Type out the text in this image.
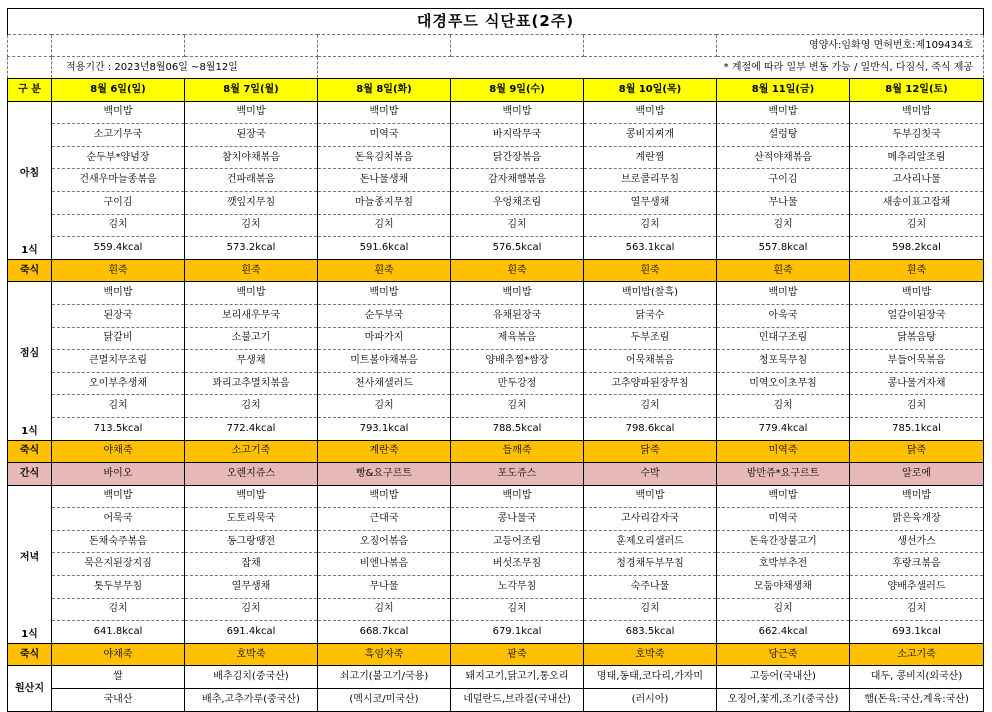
대경푸드 식단표(2주)							
						영양사:임화영 면허번호:제109434호	
	적용기간 : 2023년8월06일 ~8월12일		* 계절에 따라 일부 변동 가능 / 일반식, 다짐식, 죽식 제공				
구 분	8월 6일(일)	8월 7일(월)	8월 8일(화)	8월 9일(수)	8월 10일(목)	8월 11일(금)	8월 12일(토)

아침
1식	백미밥	백미밥	백미밥	백미밥	백미밥	백미밥	백미밥
	소고기무국	된장국	미역국	바지락무국	콩비지찌개	설렁탕	두부김칫국
	순두부*양념장	참치야채볶음	돈육김치볶음	닭간장볶음	계란찜	산적야채볶음	메추리알조림
	건새우마늘종볶음	건파래볶음	돈나물생채	감자채햄볶음	브로콜리무침	구이김	고사리나물
	구이김	깻잎지무침	마늘종지무침	우엉채조림	열무생채	무나물	새송이표고잡채
	김치	김치	김치	김치	김치	김치	김치
	559.4kcal	573.2kcal	591.6kcal	576.5kcal	563.1kcal	557.8kcal	598.2kcal
죽식	흰죽	흰죽	흰죽	흰죽	흰죽	흰죽	흰죽

점심
1식	백미밥	백미밥	백미밥	백미밥	백미밥(찰흑)	백미밥	백미밥
	된장국	보리새우무국	순두부국	유채된장국	닭국수	아욱국	얼갈이된장국
	닭갈비	소불고기	마파가지	제육볶음	두부조림	민대구조림	닭볶음탕
	큰멸치무조림	무생채	미트볼야채볶음	양배추찜*쌈장	어묵채볶음	청포묵무침	부들어묵볶음
	오이부추생채	꽈리고추멸치볶음	천사채샐러드	만두강정	고추양파된장무침	미역오이초무침	콩나물겨자채
	김치	김치	김치	김치	김치	김치	김치
	713.5kcal	772.4kcal	793.1kcal	788.5kcal	798.6kcal	779.4kcal	785.1kcal
죽식	야채죽	소고기죽	계란죽	들깨죽	닭죽	미역죽	닭죽
간식	바이오	오렌지쥬스	빵&요구르트	포도쥬스	수박	밤만쥬*요구르트	알로에

저녁
1식	백미밥	백미밥	백미밥	백미밥	백미밥	백미밥	백미밥
	어묵국	도토리묵국	근대국	콩나물국	고사리감자국	미역국	맑은육개장
	돈채숙주볶음	동그랑땡전	오징어볶음	고등어조림	훈제오리샐러드	돈육간장불고기	생선가스
	묵은지된장지짐	잡채	비엔나볶음	버섯조무침	청경채두부무침	호박부추전	후랑크볶음
	톳두부무침	열무생채	무나물	노각무침	숙주나물	모둠야채생채	양배추샐러드
	김치	김치	김치	김치	김치	김치	김치
	641.8kcal	691.4kcal	668.7kcal	679.1kcal	683.5kcal	662.4kcal	693.1kcal
죽식	야채죽	호박죽	흑임자죽	팥죽	호박죽	당근죽	소고기죽
원산지	쌀	배추김치(중국산)	쇠고기(불고기/국용)	돼지고기,닭고기,통오리	명태,동태,코다리,가자미	고등어(국내산)	대두, 콩비지(외국산)
	국내산	배추,고추가루(중국산)	(멕시코/미국산)	네덜란드,브라질(국내산)	(러시아)	오징어,꽃게,조기(중국산)	햄(돈육:국산,계육:국산)
